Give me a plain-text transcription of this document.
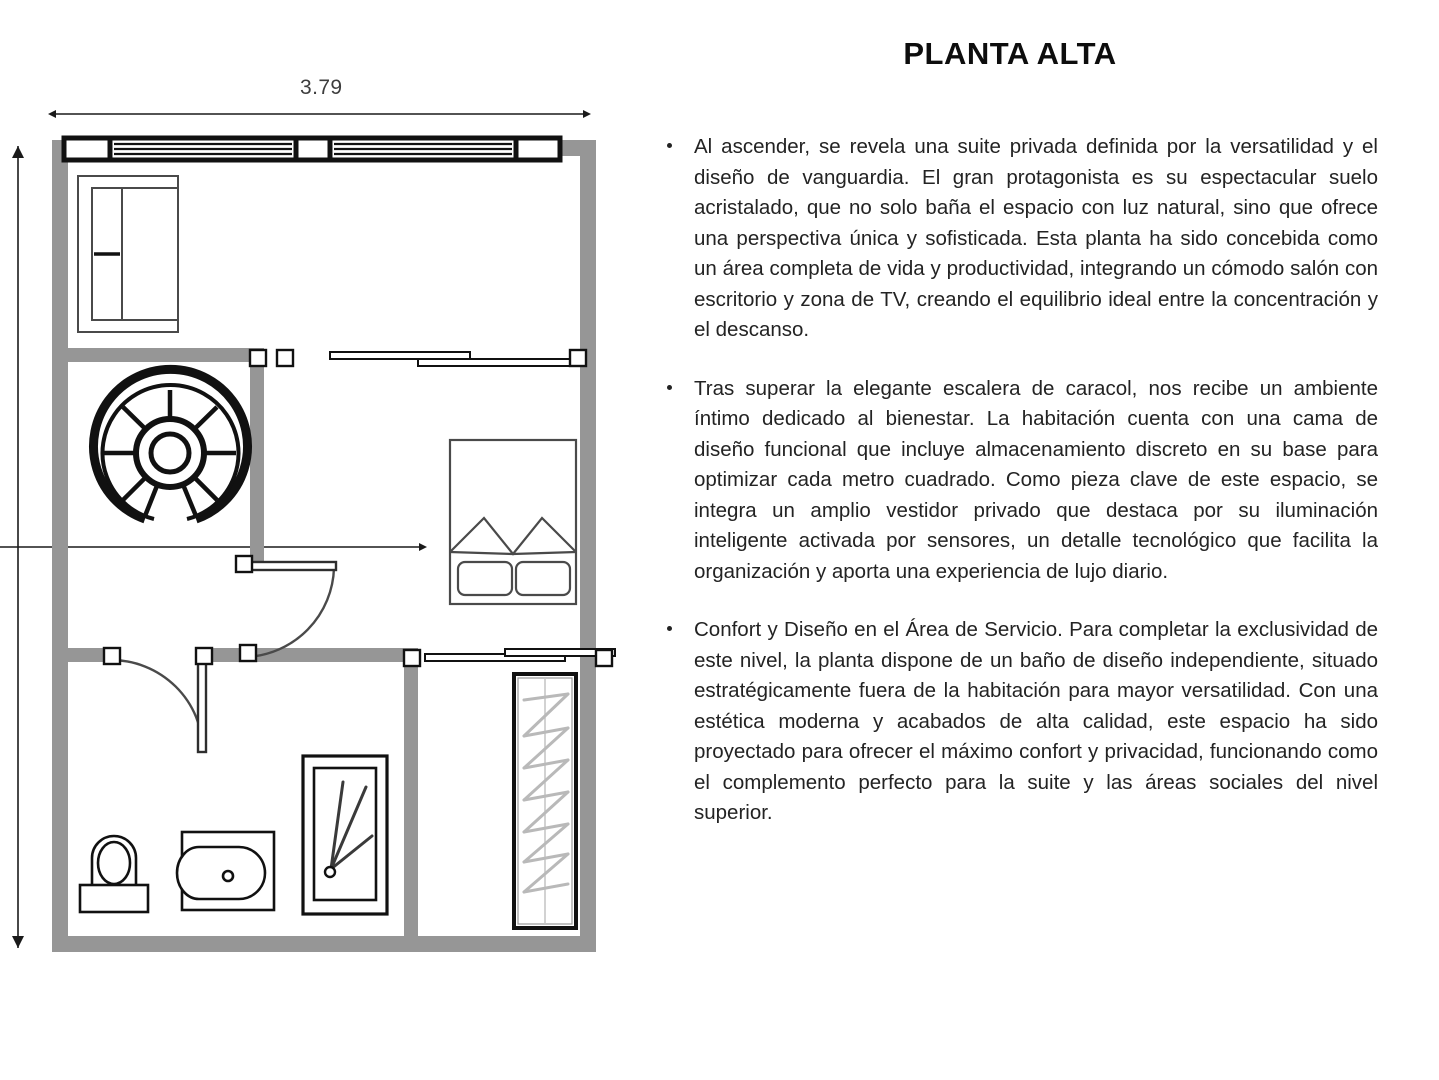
3.79
PLANTA ALTA
Al ascender, se revela una suite privada definida por la versatilidad y el diseño de vanguardia. El gran protagonista es su espectacular suelo acristalado, que no solo baña el espacio con luz natural, sino que ofrece una perspectiva única y sofisticada. Esta planta ha sido concebida como un área completa de vida y productividad, integrando un cómodo salón con escritorio y zona de TV, creando el equilibrio ideal entre la concentración y el descanso.
Tras superar la elegante escalera de caracol, nos recibe un ambiente íntimo dedicado al bienestar. La habitación cuenta con una cama de diseño funcional que incluye almacenamiento discreto en su base para optimizar cada metro cuadrado. Como pieza clave de este espacio, se integra un amplio vestidor privado que destaca por su iluminación inteligente activada por sensores, un detalle tecnológico que facilita la organización y aporta una experiencia de lujo diario.
Confort y Diseño en el Área de Servicio. Para completar la exclusividad de este nivel, la planta dispone de un baño de diseño independiente, situado estratégicamente fuera de la habitación para mayor versatilidad. Con una estética moderna y acabados de alta calidad, este espacio ha sido proyectado para ofrecer el máximo confort y privacidad, funcionando como el complemento perfecto para la suite y las áreas sociales del nivel superior.
